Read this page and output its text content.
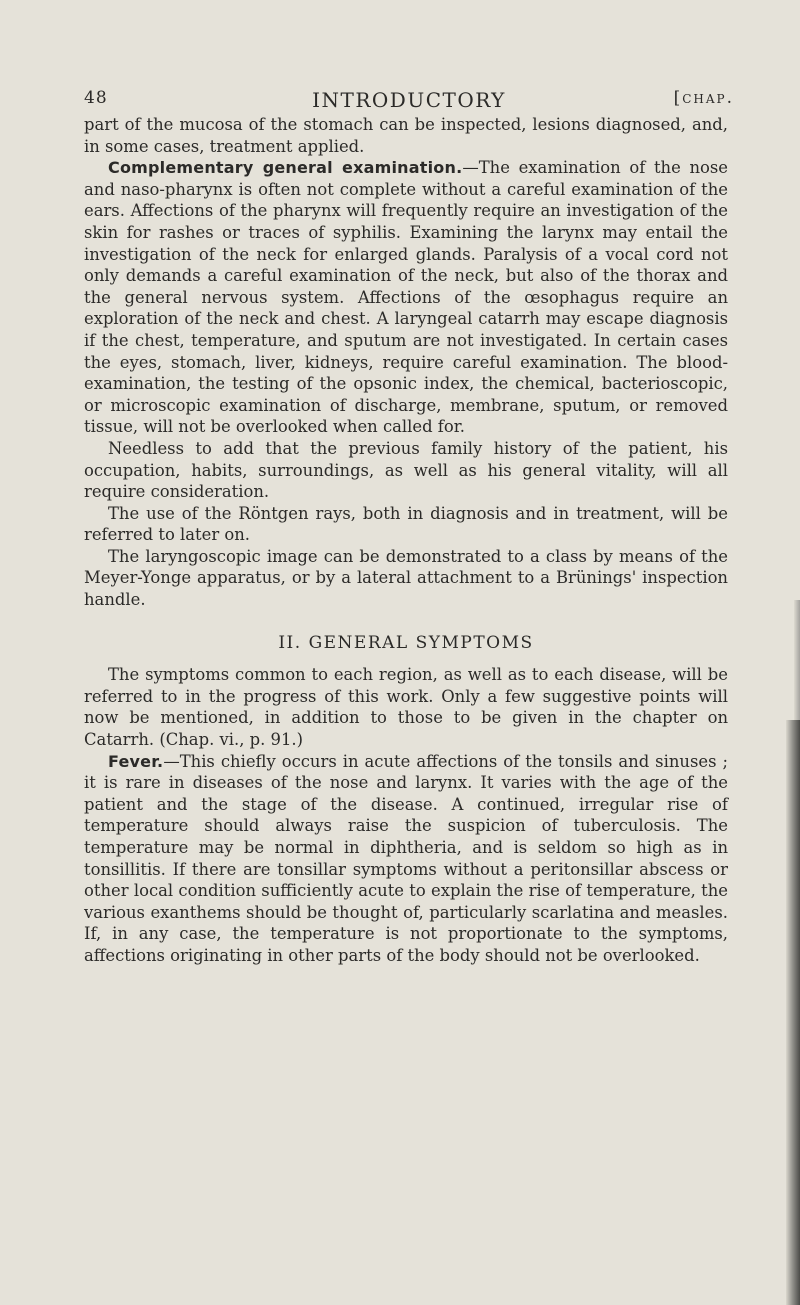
48	INTRODUCTORY	[chap.

part of the mucosa of the stomach can be inspected, lesions diagnosed, and, in some cases, treatment applied.

Complementary general examination.—The examination of the nose and naso-pharynx is often not complete without a careful examination of the ears. Affections of the pharynx will frequently require an investigation of the skin for rashes or traces of syphilis. Examining the larynx may entail the investigation of the neck for enlarged glands. Paralysis of a vocal cord not only demands a careful examination of the neck, but also of the thorax and the general nervous system. Affections of the œsophagus require an exploration of the neck and chest. A laryngeal catarrh may escape diagnosis if the chest, temperature, and sputum are not investigated. In certain cases the eyes, stomach, liver, kidneys, require careful examination. The blood-examination, the testing of the opsonic index, the chemical, bacterioscopic, or microscopic examination of discharge, membrane, sputum, or removed tissue, will not be overlooked when called for.

Needless to add that the previous family history of the patient, his occupation, habits, surroundings, as well as his general vitality, will all require consideration.

The use of the Röntgen rays, both in diagnosis and in treatment, will be referred to later on.

The laryngoscopic image can be demonstrated to a class by means of the Meyer-Yonge apparatus, or by a lateral attachment to a Brünings' inspection handle.

II. GENERAL SYMPTOMS

The symptoms common to each region, as well as to each disease, will be referred to in the progress of this work. Only a few suggestive points will now be mentioned, in addition to those to be given in the chapter on Catarrh. (Chap. vi., p. 91.)

Fever.—This chiefly occurs in acute affections of the tonsils and sinuses ; it is rare in diseases of the nose and larynx. It varies with the age of the patient and the stage of the disease. A continued, irregular rise of temperature should always raise the suspicion of tuberculosis. The temperature may be normal in diphtheria, and is seldom so high as in tonsillitis. If there are tonsillar symptoms without a peritonsillar abscess or other local condition sufficiently acute to explain the rise of temperature, the various exanthems should be thought of, particularly scarlatina and measles. If, in any case, the temperature is not proportionate to the symptoms, affections originating in other parts of the body should not be overlooked.
